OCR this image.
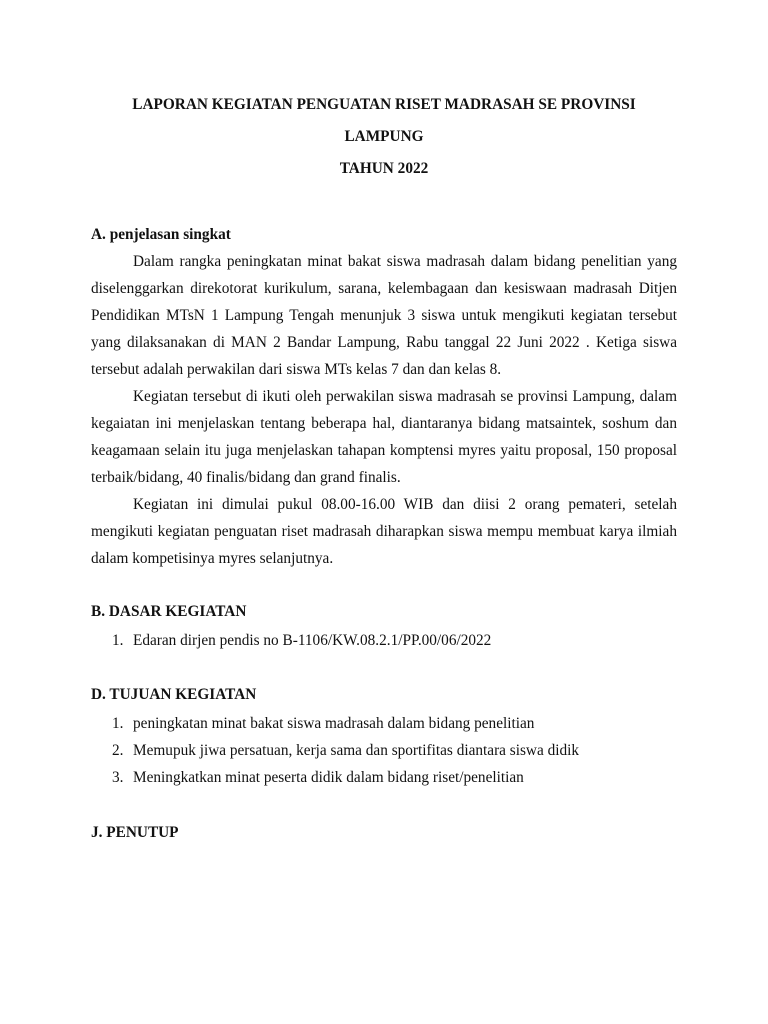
LAPORAN KEGIATAN PENGUATAN RISET MADRASAH SE PROVINSI LAMPUNG
TAHUN 2022

A. penjelasan singkat

Dalam rangka peningkatan minat bakat siswa madrasah dalam bidang penelitian yang diselenggarkan direkotorat kurikulum, sarana, kelembagaan dan kesiswaan madrasah Ditjen Pendidikan MTsN 1 Lampung Tengah menunjuk 3 siswa untuk mengikuti kegiatan tersebut yang dilaksanakan di MAN 2 Bandar Lampung, Rabu tanggal 22 Juni 2022 . Ketiga siswa tersebut adalah perwakilan dari siswa MTs kelas 7 dan dan kelas 8.

Kegiatan tersebut di ikuti oleh perwakilan siswa madrasah se provinsi Lampung, dalam kegaiatan ini menjelaskan tentang beberapa hal, diantaranya bidang matsaintek, soshum dan keagamaan selain itu juga menjelaskan tahapan komptensi myres yaitu proposal, 150 proposal terbaik/bidang, 40 finalis/bidang dan grand finalis.

Kegiatan ini dimulai pukul 08.00-16.00 WIB dan diisi 2 orang pemateri, setelah mengikuti kegiatan penguatan riset madrasah diharapkan siswa mempu membuat karya ilmiah dalam kompetisinya myres selanjutnya.

B. DASAR KEGIATAN

1. Edaran dirjen pendis no B-1106/KW.08.2.1/PP.00/06/2022

D. TUJUAN KEGIATAN

1. peningkatan minat bakat siswa madrasah dalam bidang penelitian
2. Memupuk jiwa persatuan, kerja sama dan sportifitas diantara siswa didik
3. Meningkatkan minat peserta didik dalam bidang riset/penelitian

J. PENUTUP
